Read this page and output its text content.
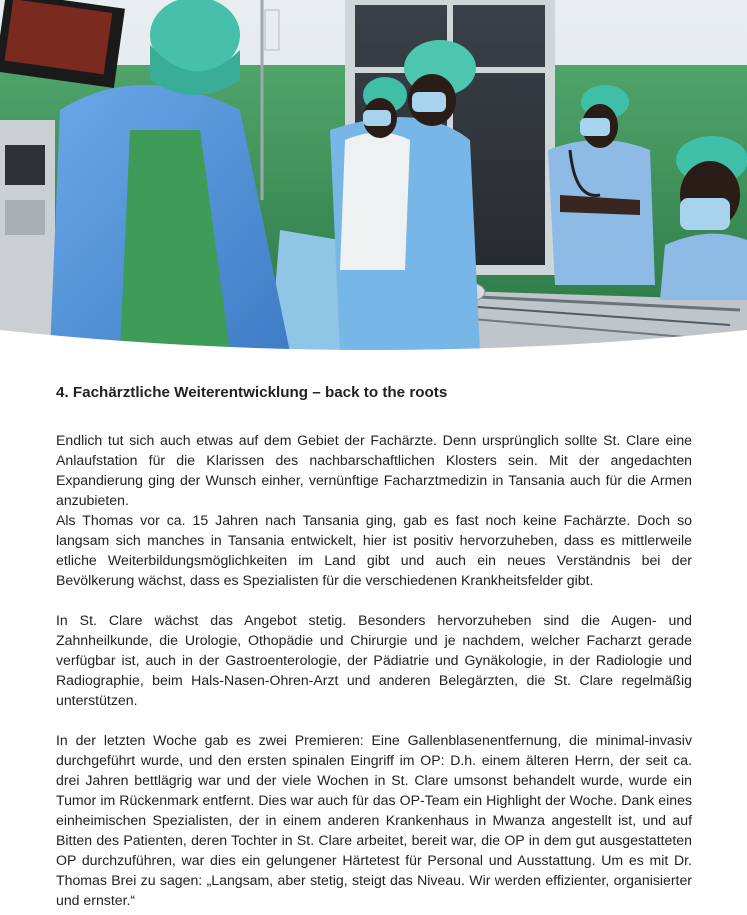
4. Fachärztliche Weiterentwicklung – back to the roots

Endlich tut sich auch etwas auf dem Gebiet der Fachärzte. Denn ursprünglich sollte St. Clare eine Anlaufstation für die Klarissen des nachbarschaftlichen Klosters sein. Mit der angedachten Expandierung ging der Wunsch einher, vernünftige Facharztmedizin in Tansania auch für die Armen anzubieten.

Als Thomas vor ca. 15 Jahren nach Tansania ging, gab es fast noch keine Fachärzte. Doch so langsam sich manches in Tansania entwickelt, hier ist positiv hervorzuheben, dass es mittlerweile etliche Weiterbildungsmöglichkeiten im Land gibt und auch ein neues Verständnis bei der Bevölkerung wächst, dass es Spezialisten für die verschiedenen Krankheitsfelder gibt.

In St. Clare wächst das Angebot stetig. Besonders hervorzuheben sind die Augen- und Zahnheilkunde, die Urologie, Othopädie und Chirurgie und je nachdem, welcher Facharzt gerade verfügbar ist, auch in der Gastroenterologie, der Pädiatrie und Gynäkologie, in der Radiologie und Radiographie, beim Hals-Nasen-Ohren-Arzt und anderen Belegärzten, die St. Clare regelmäßig unterstützen.

In der letzten Woche gab es zwei Premieren: Eine Gallenblasenentfernung, die minimal-invasiv durchgeführt wurde, und den ersten spinalen Eingriff im OP: D.h. einem älteren Herrn, der seit ca. drei Jahren bettlägrig war und der viele Wochen in St. Clare umsonst behandelt wurde, wurde ein Tumor im Rückenmark entfernt. Dies war auch für das OP-Team ein Highlight der Woche. Dank eines einheimischen Spezialisten, der in einem anderen Krankenhaus in Mwanza angestellt ist, und auf Bitten des Patienten, deren Tochter in St. Clare arbeitet, bereit war, die OP in dem gut ausgestatteten OP durchzuführen, war dies ein gelungener Härtetest für Personal und Ausstattung. Um es mit Dr. Thomas Brei zu sagen: „Langsam, aber stetig, steigt das Niveau. Wir werden effizienter, organisierter und ernster.“
